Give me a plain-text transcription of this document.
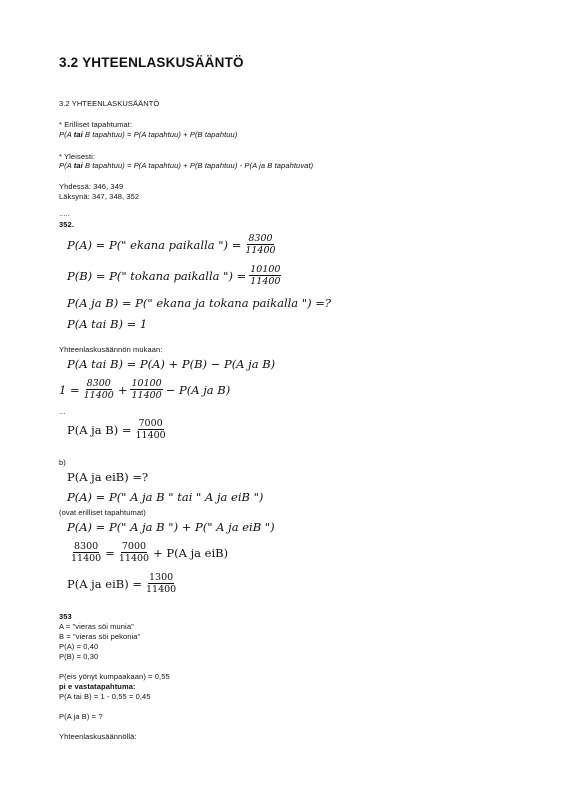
3.2 YHTEENLASKUSÄÄNTÖ
3.2 YHTEENLASKUSÄÄNTÖ
* Erilliset tapahtumat:
P(A tai B tapahtuu) = P(A tapahtuu) + P(B tapahtuu)
* Yleisesti:
P(A tai B tapahtuu) = P(A tapahtuu) + P(B tapahtuu) - P(A ja B tapahtuvat)
Yhdessä: 346, 349
Läksynä: 347, 348, 352
.....
352.
P(A) = P(" ekana paikalla ") = $\frac{8300}{11400}$
P(B) = P(" tokana paikalla ") = $\frac{10100}{11400}$
P(A ja B) = P(" ekana ja tokana paikalla ") =?
P(A tai B) = 1
Yhteenlaskusäännön mukaan:
P(A tai B) = P(A) + P(B) − P(A ja B)
$1 = \frac{8300}{11400} + \frac{10100}{11400} - P(A$ ja B)
...
P(A ja $B) = \frac{7000}{11400}$
b)
P(A ja eiB) =?
P(A) = P(" A ja B " tai " A ja eiB ")
(ovat erilliset tapahtumat)
P(A) = P(" A ja B ") + P(" A ja eiB ")
$\frac{8300}{11400} = \frac{7000}{11400} + P(A$ ja eiB)
P(A ja $eiB) = \frac{1300}{11400}$
353
A = "vieras söi munia"
B = "vieras söi pekonia"
P(A) = 0,40
P(B) = 0,30
P(eis yönyt kumpaakaan) = 0,55
pi e vastatapahtuma:
P(A tai B) = 1 - 0,55 = 0,45
P(A ja B) = ?
Yhteenlaskusäännöllä:
